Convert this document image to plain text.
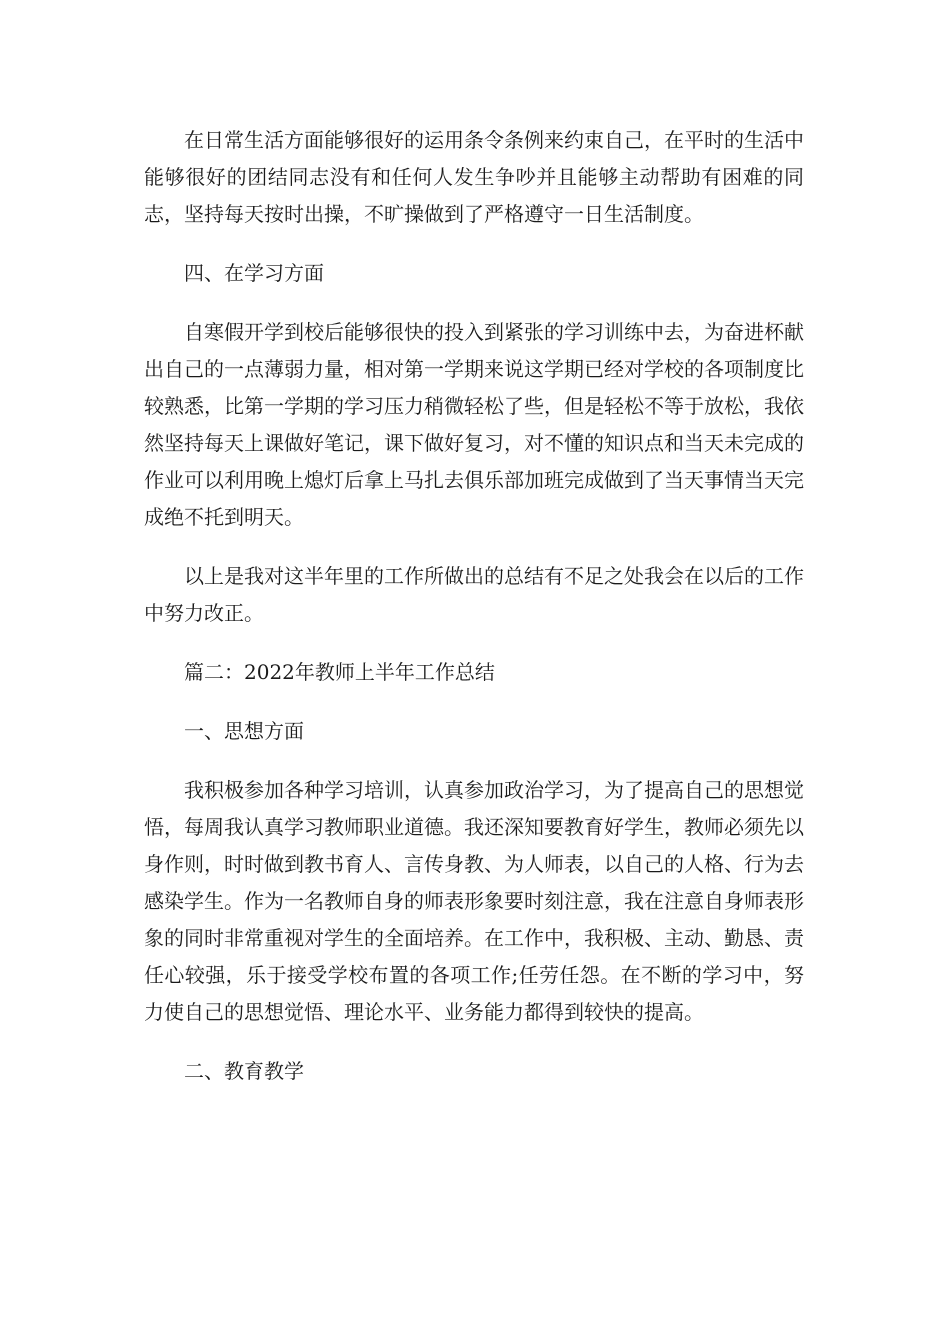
在日常生活方面能够很好的运用条令条例来约束自己，在平时的生活中能够很好的团结同志没有和任何人发生争吵并且能够主动帮助有困难的同志，坚持每天按时出操，不旷操做到了严格遵守一日生活制度。

四、在学习方面

自寒假开学到校后能够很快的投入到紧张的学习训练中去，为奋进杯献出自己的一点薄弱力量，相对第一学期来说这学期已经对学校的各项制度比较熟悉，比第一学期的学习压力稍微轻松了些，但是轻松不等于放松，我依然坚持每天上课做好笔记，课下做好复习，对不懂的知识点和当天未完成的作业可以利用晚上熄灯后拿上马扎去俱乐部加班完成做到了当天事情当天完成绝不托到明天。

以上是我对这半年里的工作所做出的总结有不足之处我会在以后的工作中努力改正。

篇二：2022年教师上半年工作总结

一、思想方面

我积极参加各种学习培训，认真参加政治学习，为了提高自己的思想觉悟，每周我认真学习教师职业道德。我还深知要教育好学生，教师必须先以身作则，时时做到教书育人、言传身教、为人师表，以自己的人格、行为去感染学生。作为一名教师自身的师表形象要时刻注意，我在注意自身师表形象的同时非常重视对学生的全面培养。在工作中，我积极、主动、勤恳、责任心较强，乐于接受学校布置的各项工作;任劳任怨。在不断的学习中，努力使自己的思想觉悟、理论水平、业务能力都得到较快的提高。

二、教育教学
